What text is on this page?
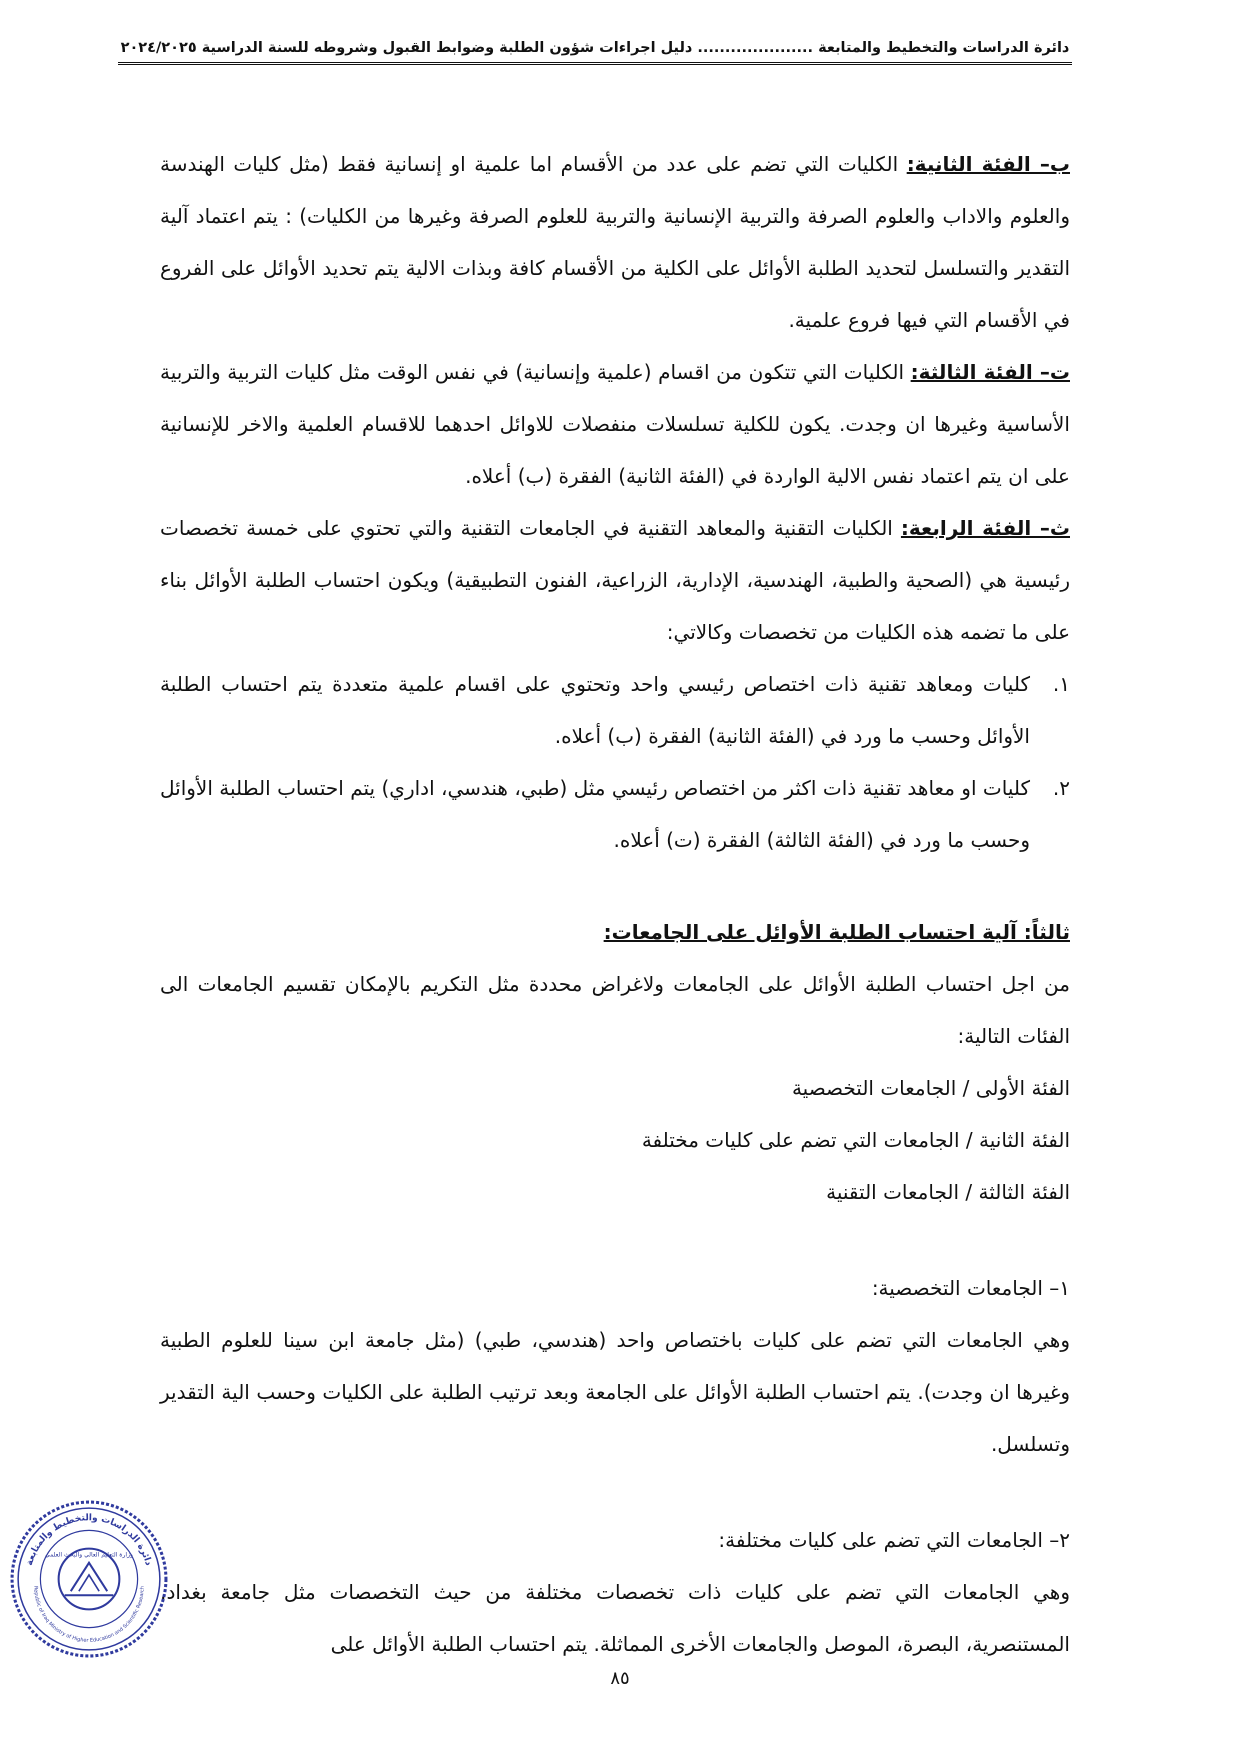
دائرة الدراسات والتخطيط والمتابعة ..................... دليل اجراءات شؤون الطلبة وضوابط القبول وشروطه للسنة الدراسية ٢٠٢٤/٢٠٢٥

ب– الفئة الثانية: الكليات التي تضم على عدد من الأقسام اما علمية او إنسانية فقط (مثل كليات الهندسة والعلوم والاداب والعلوم الصرفة والتربية الإنسانية والتربية للعلوم الصرفة وغيرها من الكليات) : يتم اعتماد آلية التقدير والتسلسل لتحديد الطلبة الأوائل على الكلية من الأقسام كافة وبذات الالية يتم تحديد الأوائل على الفروع في الأقسام التي فيها فروع علمية.

ت– الفئة الثالثة: الكليات التي تتكون من اقسام (علمية وإنسانية) في نفس الوقت مثل كليات التربية والتربية الأساسية وغيرها ان وجدت. يكون للكلية تسلسلات منفصلات للاوائل احدهما للاقسام العلمية والاخر للإنسانية على ان يتم اعتماد نفس الالية الواردة في (الفئة الثانية) الفقرة (ب) أعلاه.

ث– الفئة الرابعة: الكليات التقنية والمعاهد التقنية في الجامعات التقنية والتي تحتوي على خمسة تخصصات رئيسية هي (الصحية والطبية، الهندسية، الإدارية، الزراعية، الفنون التطبيقية) ويكون احتساب الطلبة الأوائل بناء على ما تضمه هذه الكليات من تخصصات وكالاتي:

١.
كليات ومعاهد تقنية ذات اختصاص رئيسي واحد وتحتوي على اقسام علمية متعددة يتم احتساب الطلبة الأوائل وحسب ما ورد في (الفئة الثانية) الفقرة (ب) أعلاه.
٢.
كليات او معاهد تقنية ذات اكثر من اختصاص رئيسي مثل (طبي، هندسي، اداري) يتم احتساب الطلبة الأوائل وحسب ما ورد في (الفئة الثالثة) الفقرة (ت) أعلاه.

ثالثاً: آلية احتساب الطلبة الأوائل على الجامعات:

من اجل احتساب الطلبة الأوائل على الجامعات ولاغراض محددة مثل التكريم بالإمكان تقسيم الجامعات الى الفئات التالية:

الفئة الأولى / الجامعات التخصصية

الفئة الثانية / الجامعات التي تضم على كليات مختلفة

الفئة الثالثة / الجامعات التقنية

١– الجامعات التخصصية:

وهي الجامعات التي تضم على كليات باختصاص واحد (هندسي، طبي) (مثل جامعة ابن سينا للعلوم الطبية وغيرها ان وجدت). يتم احتساب الطلبة الأوائل على الجامعة وبعد ترتيب الطلبة على الكليات وحسب الية التقدير وتسلسل.

٢– الجامعات التي تضم على كليات مختلفة:

وهي الجامعات التي تضم على كليات ذات تخصصات مختلفة من حيث التخصصات مثل جامعة بغداد، المستنصرية، البصرة، الموصل والجامعات الأخرى المماثلة. يتم احتساب الطلبة الأوائل على

٨٥
دائرة الدراسات والتخطيط والمتابعة
Republic of Iraq Ministry of Higher Education and Scientific Research
وزارة التعليم العالي والبحث العلمي
